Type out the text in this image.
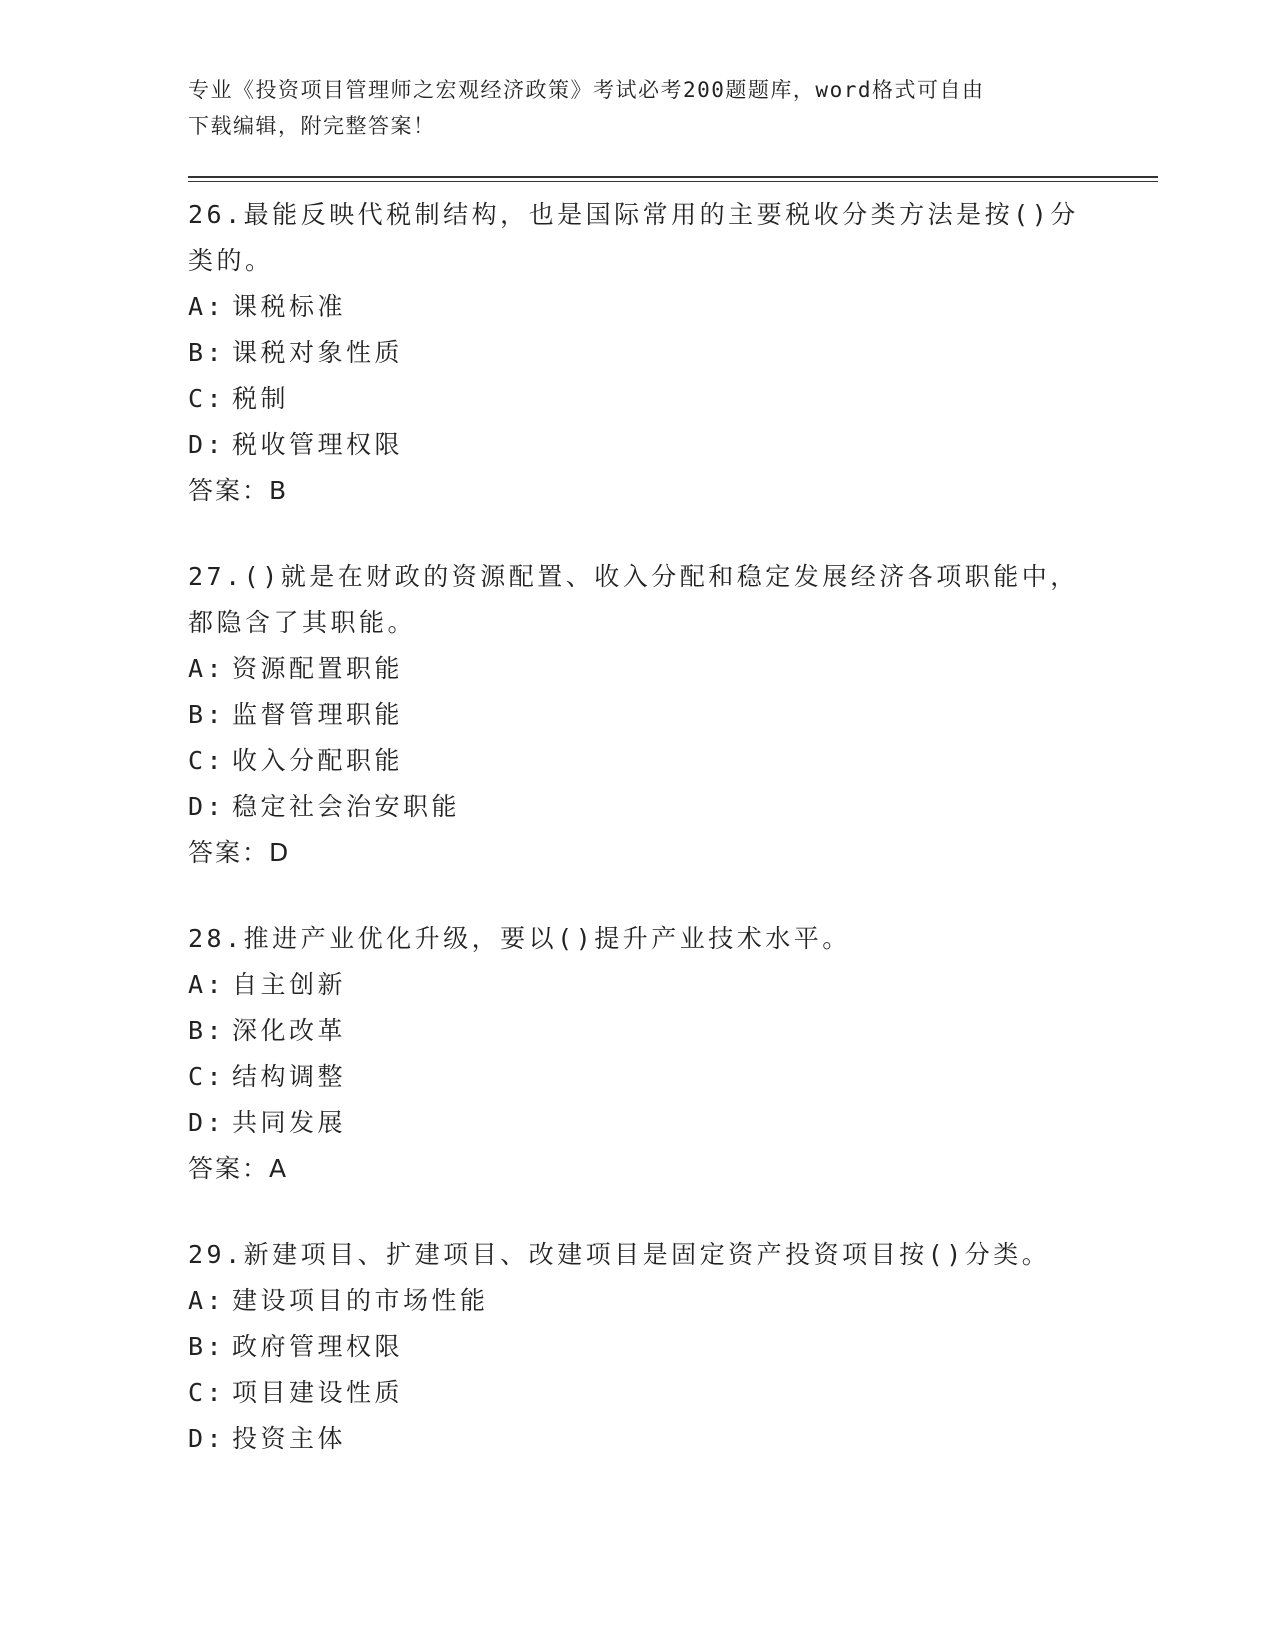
专业《投资项目管理师之宏观经济政策》考试必考200题题库，word格式可自由
下载编辑，附完整答案！

26.最能反映代税制结构，也是国际常用的主要税收分类方法是按()分类的。

A: 课税标准

B: 课税对象性质

C: 税制

D: 税收管理权限

答案：B

27.()就是在财政的资源配置、收入分配和稳定发展经济各项职能中，都隐含了其职能。

A: 资源配置职能

B: 监督管理职能

C: 收入分配职能

D: 稳定社会治安职能

答案：D

28.推进产业优化升级，要以()提升产业技术水平。

A: 自主创新

B: 深化改革

C: 结构调整

D: 共同发展

答案：A

29.新建项目、扩建项目、改建项目是固定资产投资项目按()分类。

A: 建设项目的市场性能

B: 政府管理权限

C: 项目建设性质

D: 投资主体
